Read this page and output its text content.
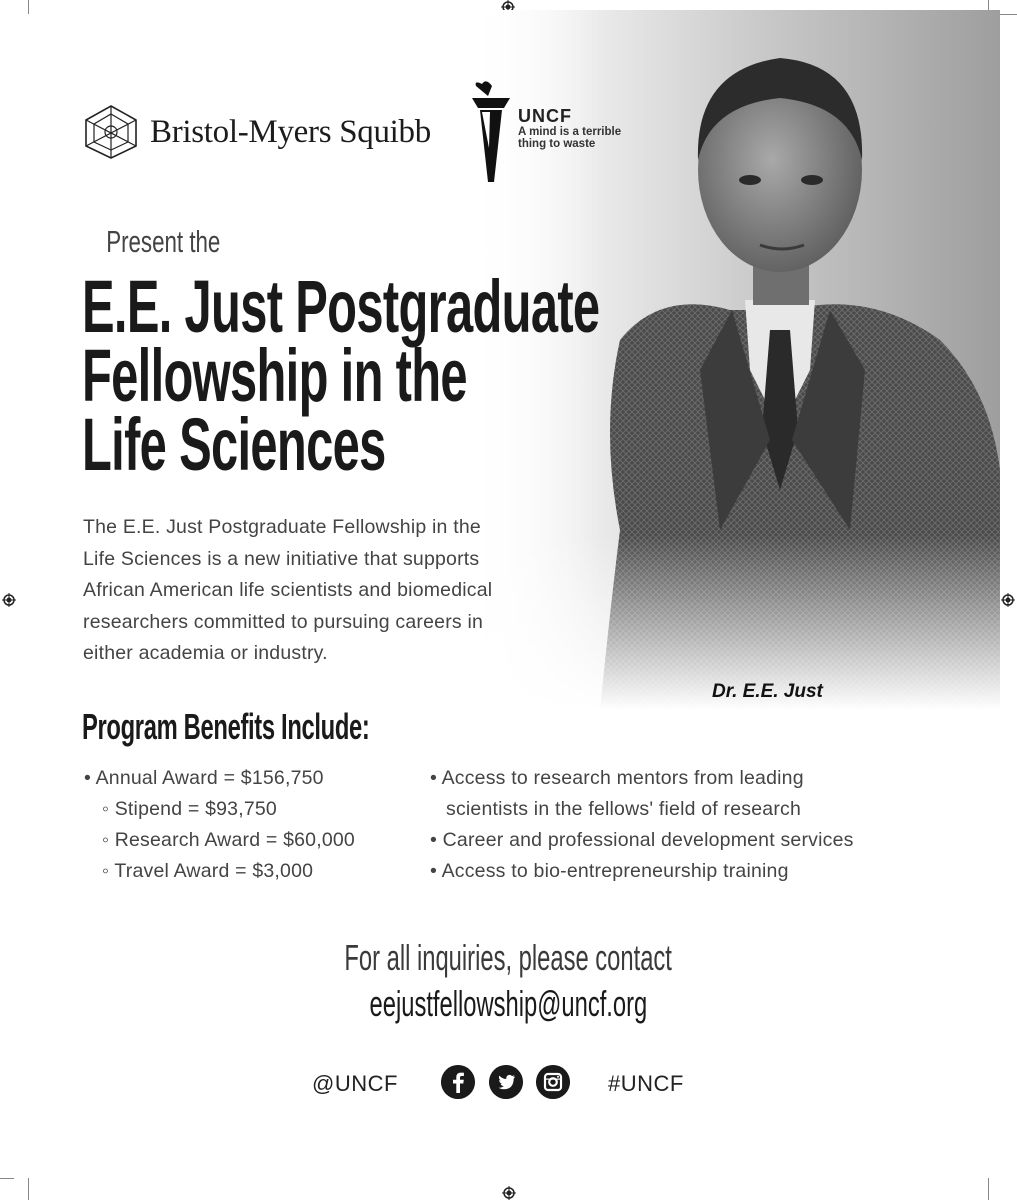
Bristol-Myers Squibb	UNCF
A mind is a terrible
thing to waste
Present the
E.E. Just Postgraduate
Fellowship in the
Life Sciences
The E.E. Just Postgraduate Fellowship in the
Life Sciences is a new initiative that supports
African American life scientists and biomedical
researchers committed to pursuing careers in
either academia or industry.
Dr. E.E. Just
Program Benefits Include:
• Annual Award = $156,750
◦ Stipend = $93,750
◦ Research Award = $60,000
◦ Travel Award = $3,000
• Access to research mentors from leading
scientists in the fellows' field of research
• Career and professional development services
• Access to bio-entrepreneurship training
For all inquiries, please contact
eejustfellowship@uncf.org
@UNCF	#UNCF
